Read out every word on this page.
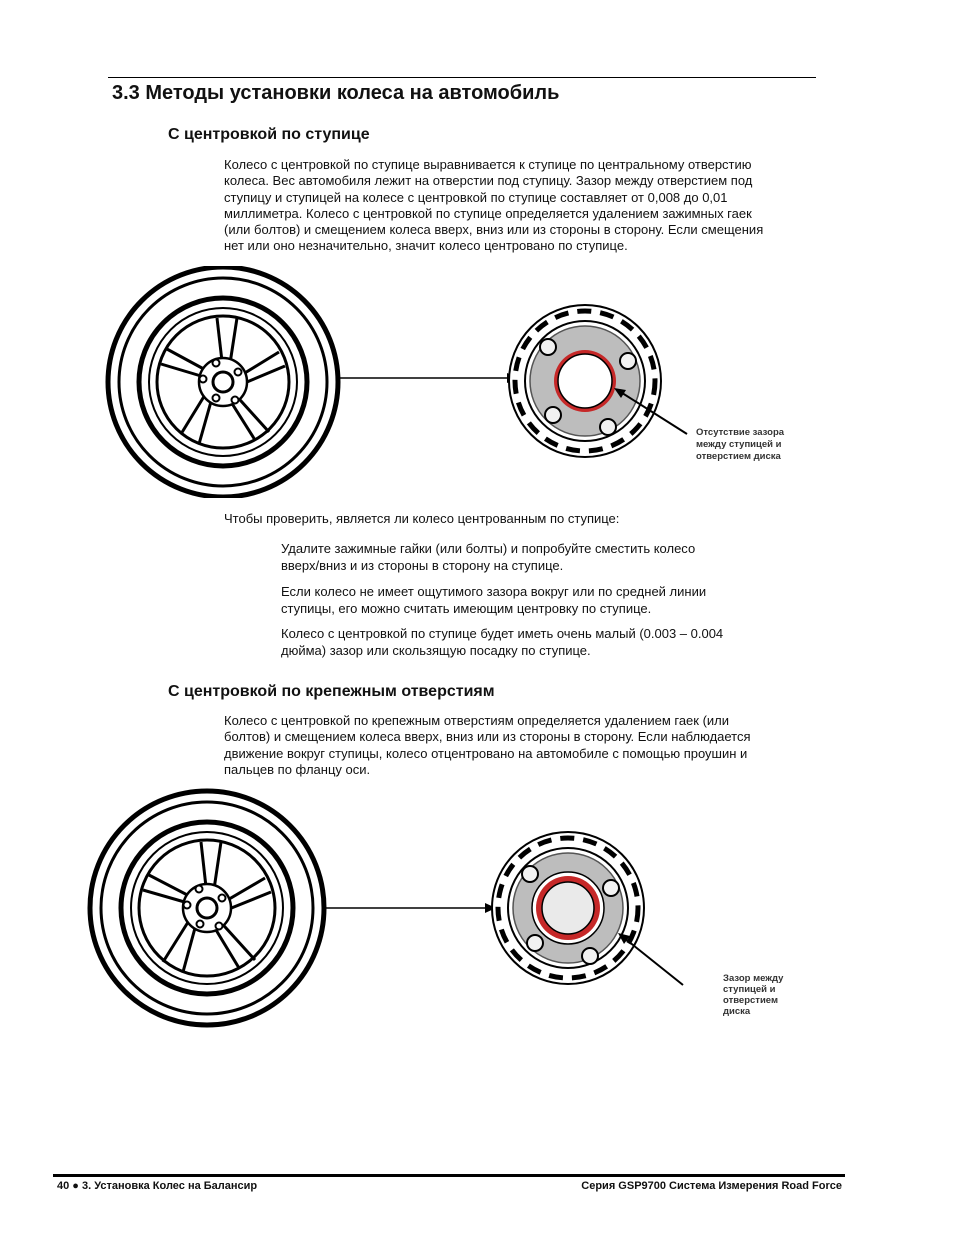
3.3 Методы установки колеса на автомобиль
С центровкой по ступице

Колесо с центровкой по ступице выравнивается к ступице по центральному отверстию
колеса. Вес автомобиля лежит на отверстии под ступицу. Зазор между отверстием под
ступицу и ступицей на колесе с центровкой по ступице составляет от 0,008 до 0,01
миллиметра. Колесо с центровкой по ступице определяется удалением зажимных гаек
(или болтов) и смещением колеса вверх, вниз или из стороны в сторону. Если смещения
нет или оно незначительно, значит колесо центровано по ступице.

Отсутствие зазора между ступицей и отверстием диска

Чтобы проверить, является ли колесо центрованным по ступице:

Удалите зажимные гайки (или болты) и попробуйте сместить колесо
вверх/вниз и из стороны в сторону на ступице.

Если колесо не имеет ощутимого зазора вокруг или по средней линии
ступицы, его можно считать имеющим центровку по ступице.

Колесо с центровкой по ступице будет иметь очень малый (0.003 – 0.004
дюйма) зазор или скользящую посадку по ступице.

С центровкой по крепежным отверстиям

Колесо с центровкой по крепежным отверстиям определяется удалением гаек (или
болтов) и смещением колеса вверх, вниз или из стороны в сторону. Если наблюдается
движение вокруг ступицы, колесо отцентровано на автомобиле с помощью проушин и
пальцев по фланцу оси.

Зазор между ступицей и отверстием диска

40 ● 3. Установка Колес на Балансир	Серия GSP9700 Система Измерения Road Force
